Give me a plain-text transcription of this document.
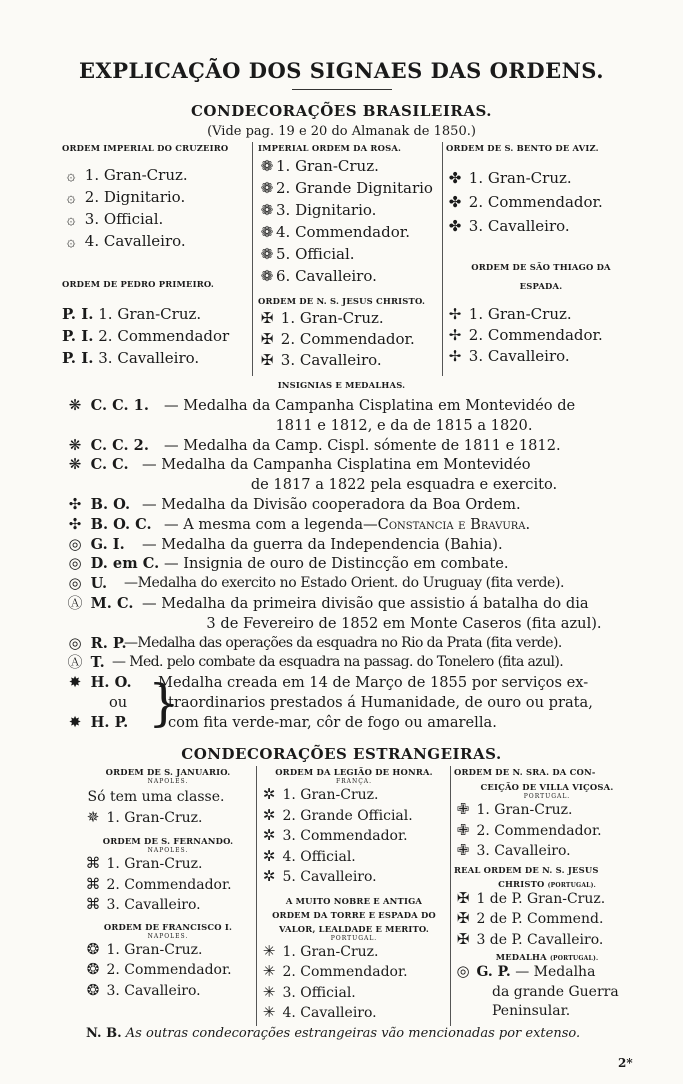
EXPLICAÇÃO DOS SIGNAES DAS ORDENS.
CONDECORAÇÕES BRASILEIRAS.
(Vide pag. 19 e 20 do Almanak de 1850.)
ORDEM IMPERIAL DO CRUZEIRO
۞ 1. Gran-Cruz.
۞ 2. Dignitario.
۞ 3. Official.
۞ 4. Cavalleiro.
IMPERIAL ORDEM DA ROSA.
❁ 1. Gran-Cruz.
❁ 2. Grande Dignitario
❁ 3. Dignitario.
❁ 4. Commendador.
❁ 5. Official.
❁ 6. Cavalleiro.
ORDEM DE S. BENTO DE AVIZ.
✤ 1. Gran-Cruz.
✤ 2. Commendador.
✤ 3. Cavalleiro.
ORDEM DE PEDRO PRIMEIRO.
P. I. 1. Gran-Cruz.
P. I. 2. Commendador
P. I. 3. Cavalleiro.
ORDEM DE N. S. JESUS CHRISTO.
✠ 1. Gran-Cruz.
✠ 2. Commendador.
✠ 3. Cavalleiro.
ORDEM DE SÃO THIAGO DA
ESPADA.
✢ 1. Gran-Cruz.
✢ 2. Commendador.
✢ 3. Cavalleiro.
INSIGNIAS E MEDALHAS.
❋ C. C. 1. — Medalha da Campanha Cisplatina em Montevidéo de
1811 e 1812, e da de 1815 a 1820.
❋ C. C. 2. — Medalha da Camp. Cispl. sómente de 1811 e 1812.
❋ C. C. — Medalha da Campanha Cisplatina em Montevidéo
de 1817 a 1822 pela esquadra e exercito.
✣ B. O. — Medalha da Divisão cooperadora da Boa Ordem.
✣ B. O. C. — A mesma com a legenda—Constancia e Bravura.
◎ G. I. — Medalha da guerra da Independencia (Bahia).
◎ D. em C. — Insignia de ouro de Distincção em combate.
◎ U. —Medalha do exercito no Estado Orient. do Uruguay (fita verde).
Ⓐ M. C. — Medalha da primeira divisão que assistio á batalha do dia
3 de Fevereiro de 1852 em Monte Caseros (fita azul).
◎ R. P.
—Medalha das operações da esquadra no Rio da Prata (fita verde).
Ⓐ T. — Med. pelo combate da esquadra na passag. do Tonelero (fita azul).
✸ H. O.
ou
✸ H. P. }
Medalha creada em 14 de Março de 1855 por serviços ex-
traordinarios prestados á Humanidade, de ouro ou prata,
com fita verde-mar, côr de fogo ou amarella.
CONDECORAÇÕES ESTRANGEIRAS.
ORDEM DE S. JANUARIO.
NAPOLES.
Só tem uma classe.
✵ 1. Gran-Cruz.
ORDEM DE S. FERNANDO.
NAPOLES.
⌘ 1. Gran-Cruz.
⌘ 2. Commendador.
⌘ 3. Cavalleiro.
ORDEM DE FRANCISCO I.
NAPOLES.
❂ 1. Gran-Cruz.
❂ 2. Commendador.
❂ 3. Cavalleiro.
ORDEM DA LEGIÃO DE HONRA.
FRANÇA.
✲ 1. Gran-Cruz.
✲ 2. Grande Official.
✲ 3. Commendador.
✲ 4. Official.
✲ 5. Cavalleiro.
A MUITO NOBRE E ANTIGA
ORDEM DA TORRE E ESPADA DO
VALOR, LEALDADE E MERITO.
PORTUGAL.
✳ 1. Gran-Cruz.
✳ 2. Commendador.
✳ 3. Official.
✳ 4. Cavalleiro.
ORDEM DE N. SRA. DA CON-
CEIÇÃO DE VILLA VIÇOSA.
PORTUGAL.
✙ 1. Gran-Cruz.
✙ 2. Commendador.
✙ 3. Cavalleiro.
REAL ORDEM DE N. S. JESUS
CHRISTO (PORTUGAL).
✠ 1 de P. Gran-Cruz.
✠ 2 de P. Commend.
✠ 3 de P. Cavalleiro.
MEDALHA (PORTUGAL).
◎ G. P. — Medalha
da grande Guerra
Peninsular.
N. B. As outras condecorações estrangeiras vão mencionadas por extenso.
2*
